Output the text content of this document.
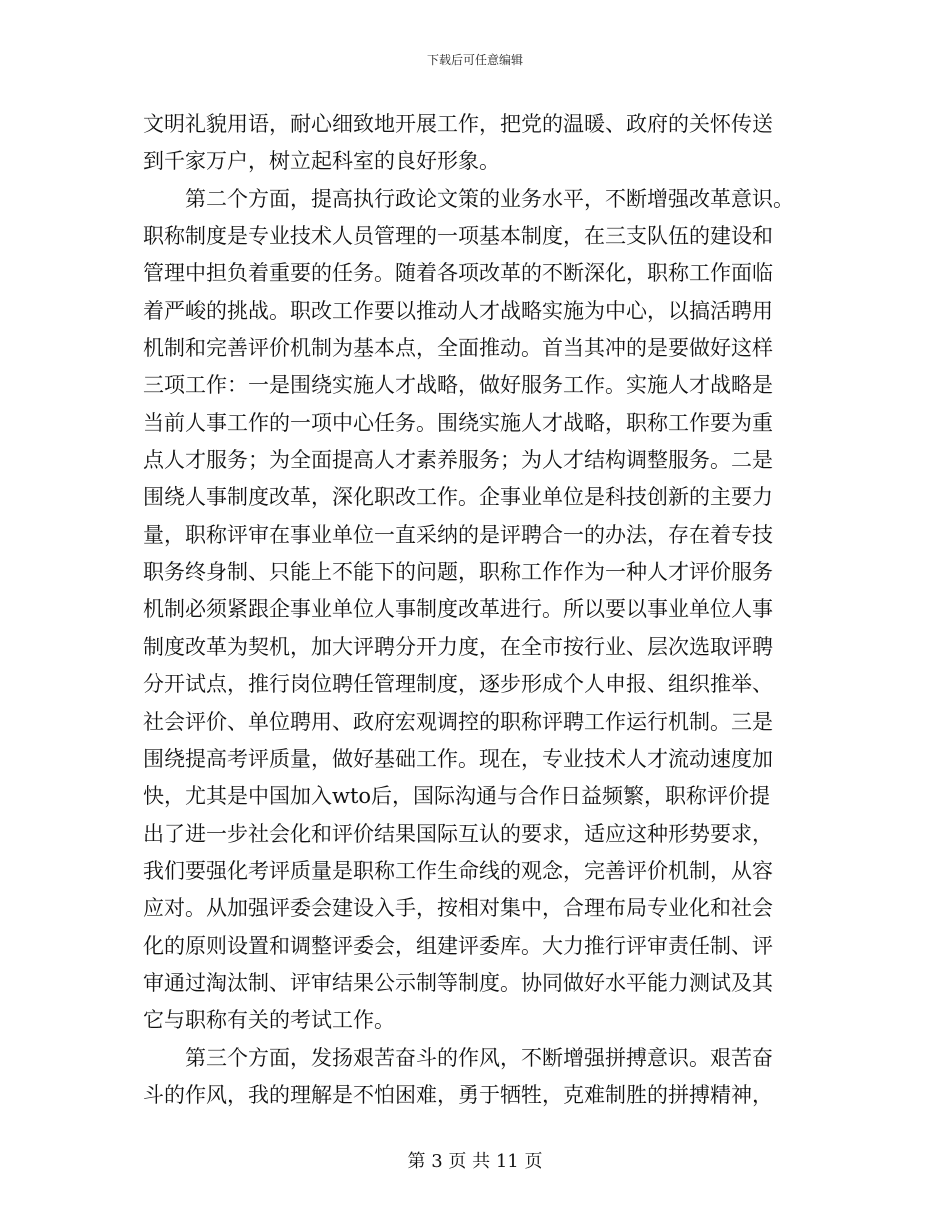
下载后可任意编辑
文明礼貌用语，耐心细致地开展工作，把党的温暖、政府的关怀传送
到千家万户，树立起科室的良好形象。
　　第二个方面，提高执行政论文策的业务水平，不断增强改革意识。
职称制度是专业技术人员管理的一项基本制度，在三支队伍的建设和
管理中担负着重要的任务。随着各项改革的不断深化，职称工作面临
着严峻的挑战。职改工作要以推动人才战略实施为中心，以搞活聘用
机制和完善评价机制为基本点，全面推动。首当其冲的是要做好这样
三项工作：一是围绕实施人才战略，做好服务工作。实施人才战略是
当前人事工作的一项中心任务。围绕实施人才战略，职称工作要为重
点人才服务；为全面提高人才素养服务；为人才结构调整服务。二是
围绕人事制度改革，深化职改工作。企事业单位是科技创新的主要力
量，职称评审在事业单位一直采纳的是评聘合一的办法，存在着专技
职务终身制、只能上不能下的问题，职称工作作为一种人才评价服务
机制必须紧跟企事业单位人事制度改革进行。所以要以事业单位人事
制度改革为契机，加大评聘分开力度，在全市按行业、层次选取评聘
分开试点，推行岗位聘任管理制度，逐步形成个人申报、组织推举、
社会评价、单位聘用、政府宏观调控的职称评聘工作运行机制。三是
围绕提高考评质量，做好基础工作。现在，专业技术人才流动速度加
快，尤其是中国加入wto后，国际沟通与合作日益频繁，职称评价提
出了进一步社会化和评价结果国际互认的要求，适应这种形势要求，
我们要强化考评质量是职称工作生命线的观念，完善评价机制，从容
应对。从加强评委会建设入手，按相对集中，合理布局专业化和社会
化的原则设置和调整评委会，组建评委库。大力推行评审责任制、评
审通过淘汰制、评审结果公示制等制度。协同做好水平能力测试及其
它与职称有关的考试工作。
　　第三个方面，发扬艰苦奋斗的作风，不断增强拼搏意识。艰苦奋
斗的作风，我的理解是不怕困难，勇于牺牲，克难制胜的拼搏精神，
第 3 页 共 11 页
